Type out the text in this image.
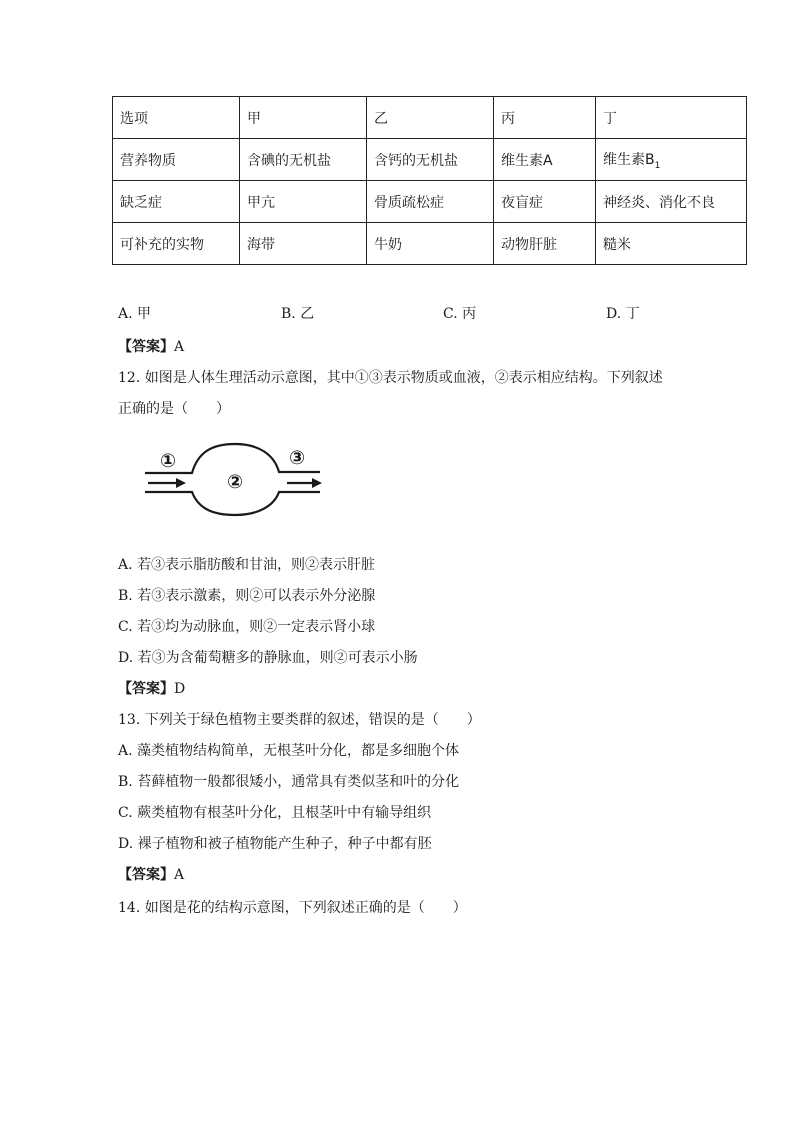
选项	甲	乙	丙	丁
营养物质	含碘的无机盐	含钙的无机盐	维生素A	维生素$B_1$
缺乏症	甲亢	骨质疏松症	夜盲症	神经炎、消化不良
可补充的实物	海带	牛奶	动物肝脏	糙米
A. 甲	B. 乙	C. 丙	D. 丁
【答案】A
12. 如图是人体生理活动示意图，其中①③表示物质或血液，②表示相应结构。下列叙述
正确的是（　　）
①
②
③
A. 若③表示脂肪酸和甘油，则②表示肝脏
B. 若③表示激素，则②可以表示外分泌腺
C. 若③均为动脉血，则②一定表示肾小球
D. 若③为含葡萄糖多的静脉血，则②可表示小肠
【答案】D
13. 下列关于绿色植物主要类群的叙述，错误的是（　　）
A. 藻类植物结构简单，无根茎叶分化，都是多细胞个体
B. 苔藓植物一般都很矮小，通常具有类似茎和叶的分化
C. 蕨类植物有根茎叶分化，且根茎叶中有输导组织
D. 裸子植物和被子植物能产生种子，种子中都有胚
【答案】A
14. 如图是花的结构示意图，下列叙述正确的是（　　）
